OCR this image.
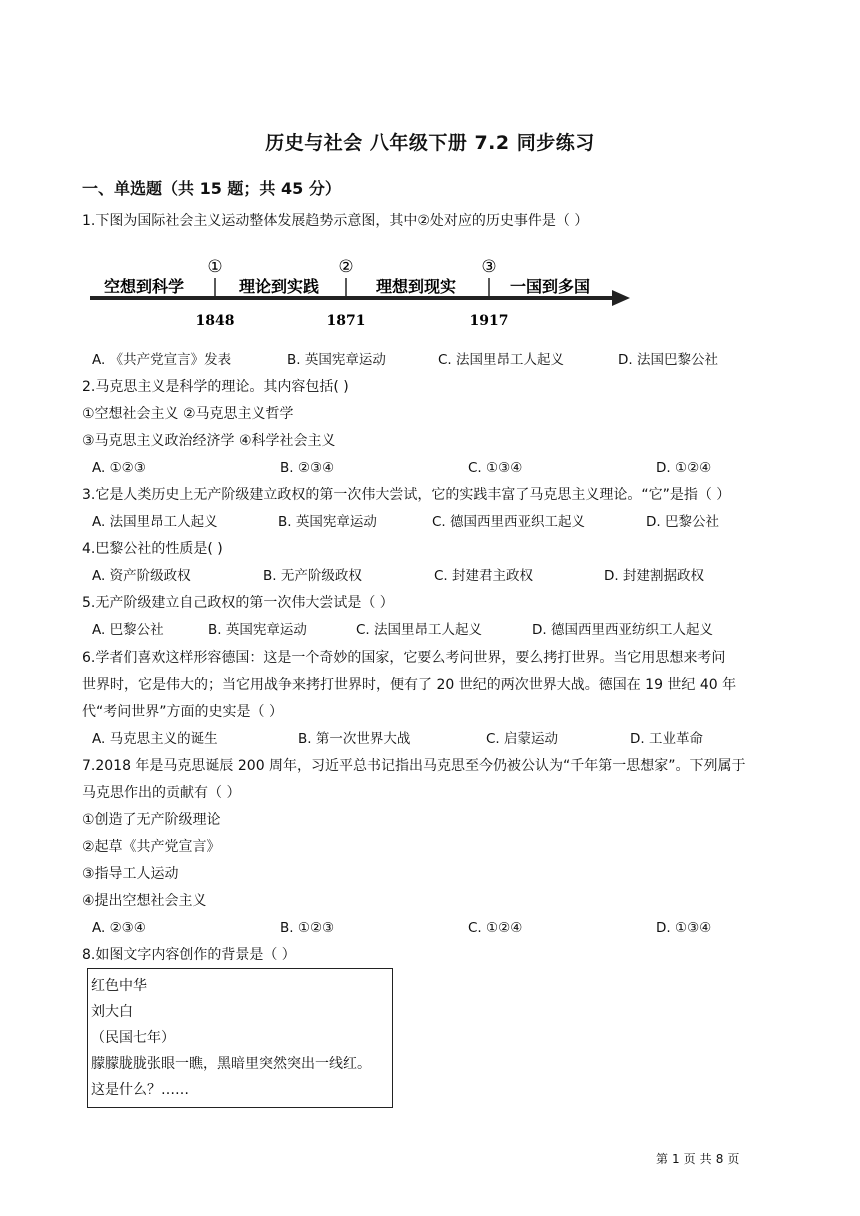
历史与社会 八年级下册 7.2 同步练习
一、单选题（共 15 题；共 45 分）
1.下图为国际社会主义运动整体发展趋势示意图，其中②处对应的历史事件是（ ）
空想到科学	理论到实践	理想到现实	一国到多国
①	②	③
1848	1871	1917
A. 《共产党宣言》发表	B. 英国宪章运动	C. 法国里昂工人起义	D. 法国巴黎公社
2.马克思主义是科学的理论。其内容包括( )
①空想社会主义 ②马克思主义哲学
③马克思主义政治经济学 ④科学社会主义
A. ①②③	B. ②③④	C. ①③④	D. ①②④
3.它是人类历史上无产阶级建立政权的第一次伟大尝试，它的实践丰富了马克思主义理论。“它”是指（ ）
A. 法国里昂工人起义	B. 英国宪章运动	C. 德国西里西亚织工起义	D. 巴黎公社
4.巴黎公社的性质是( )
A. 资产阶级政权	B. 无产阶级政权	C. 封建君主政权	D. 封建割据政权
5.无产阶级建立自己政权的第一次伟大尝试是（ ）
A. 巴黎公社	B. 英国宪章运动	C. 法国里昂工人起义	D. 德国西里西亚纺织工人起义
6.学者们喜欢这样形容德国：这是一个奇妙的国家，它要么考问世界，要么拷打世界。当它用思想来考问
世界时，它是伟大的；当它用战争来拷打世界时，便有了 20 世纪的两次世界大战。德国在 19 世纪 40 年
代“考问世界”方面的史实是（ ）
A. 马克思主义的诞生	B. 第一次世界大战	C. 启蒙运动	D. 工业革命
7.2018 年是马克思诞辰 200 周年，习近平总书记指出马克思至今仍被公认为“千年第一思想家”。下列属于
马克思作出的贡献有（ ）
①创造了无产阶级理论
②起草《共产党宣言》
③指导工人运动
④提出空想社会主义
A. ②③④	B. ①②③	C. ①②④	D. ①③④
8.如图文字内容创作的背景是（ ）
红色中华
刘大白
（民国七年）
朦朦胧胧张眼一瞧，黑暗里突然突出一线红。
这是什么？……
第 1 页 共 8 页
